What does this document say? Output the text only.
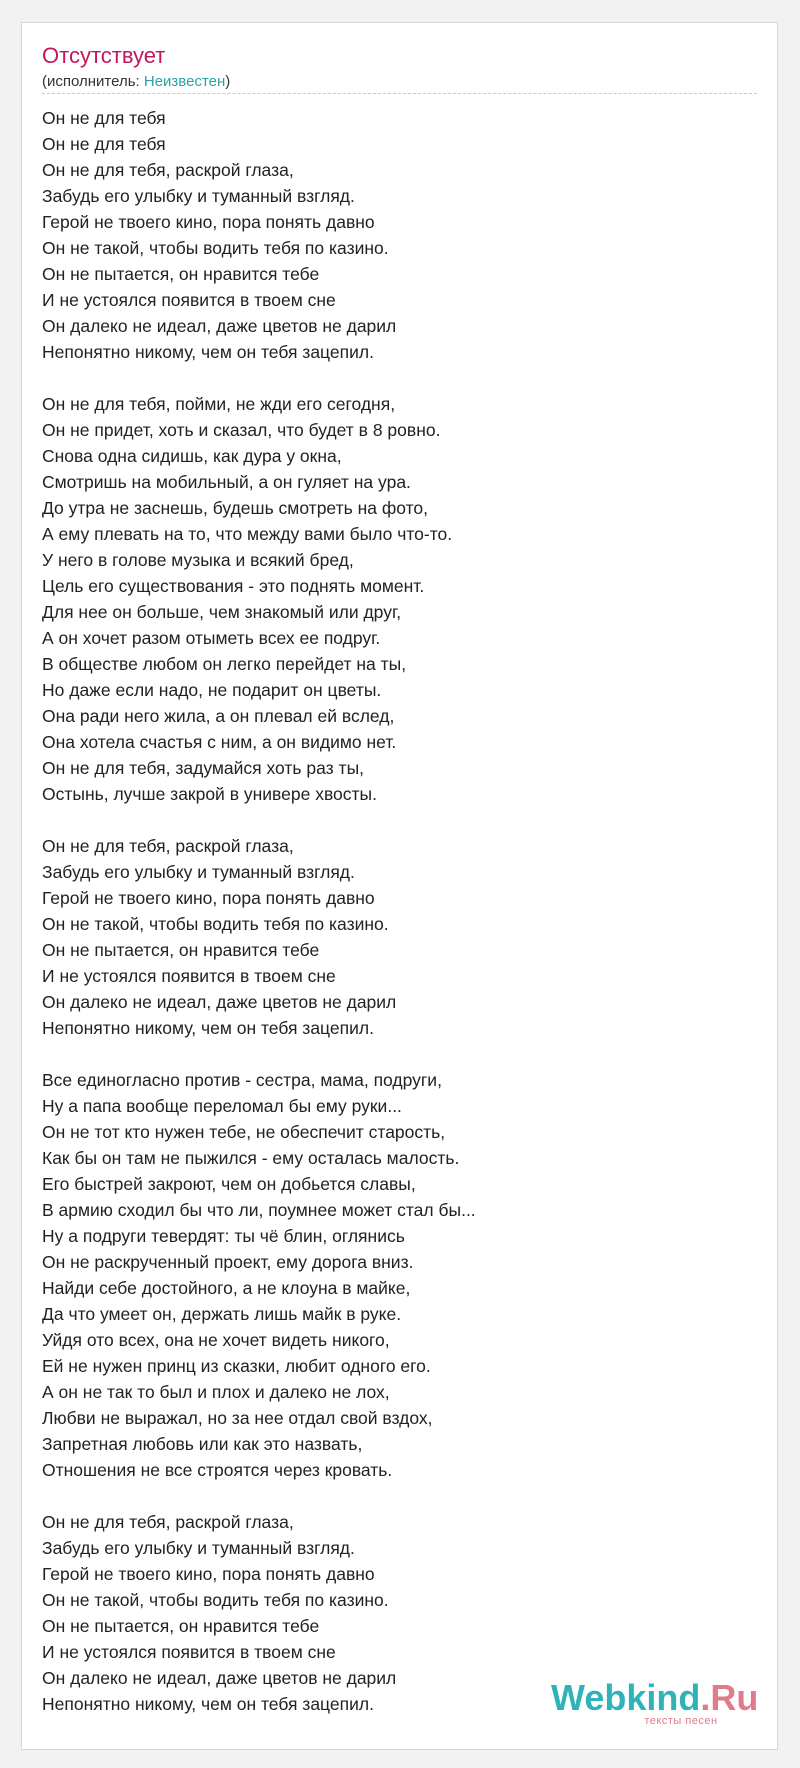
Отсутствует
(исполнитель: Неизвестен)
Он не для тебя
Он не для тебя
Он не для тебя, раскрой глаза,
Забудь его улыбку и туманный взгляд.
Герой не твоего кино, пора понять давно
Он не такой, чтобы водить тебя по казино.
Он не пытается, он нравится тебе
И не устоялся появится в твоем сне
Он далеко не идеал, даже цветов не дарил
Непонятно никому, чем он тебя зацепил.
Он не для тебя, пойми, не жди его сегодня,
Он не придет, хоть и сказал, что будет в 8 ровно.
Снова одна сидишь, как дура у окна,
Смотришь на мобильный, а он гуляет на ура.
До утра не заснешь, будешь смотреть на фото,
А ему плевать на то, что между вами было что-то.
У него в голове музыка и всякий бред,
Цель его существования - это поднять момент.
Для нее он больше, чем знакомый или друг,
А он хочет разом отыметь всех ее подруг.
В обществе любом он легко перейдет на ты,
Но даже если надо, не подарит он цветы.
Она ради него жила, а он плевал ей вслед,
Она хотела счастья с ним, а он видимо нет.
Он не для тебя, задумайся хоть раз ты,
Остынь, лучше закрой в универе хвосты.
Он не для тебя, раскрой глаза,
Забудь его улыбку и туманный взгляд.
Герой не твоего кино, пора понять давно
Он не такой, чтобы водить тебя по казино.
Он не пытается, он нравится тебе
И не устоялся появится в твоем сне
Он далеко не идеал, даже цветов не дарил
Непонятно никому, чем он тебя зацепил.
Все единогласно против - сестра, мама, подруги,
Ну а папа вообще переломал бы ему руки...
Он не тот кто нужен тебе, не обеспечит старость,
Как бы он там не пыжился - ему осталась малость.
Его быстрей закроют, чем он добьется славы,
В армию сходил бы что ли, поумнее может стал бы...
Ну а подруги тевердят: ты чё блин, оглянись
Он не раскрученный проект, ему дорога вниз.
Найди себе достойного, а не клоуна в майке,
Да что умеет он, держать лишь майк в руке.
Уйдя ото всех, она не хочет видеть никого,
Ей не нужен принц из сказки, любит одного его.
А он не так то был и плох и далеко не лох,
Любви не выражал, но за нее отдал свой вздох,
Запретная любовь или как это назвать,
Отношения не все строятся через кровать.
Он не для тебя, раскрой глаза,
Забудь его улыбку и туманный взгляд.
Герой не твоего кино, пора понять давно
Он не такой, чтобы водить тебя по казино.
Он не пытается, он нравится тебе
И не устоялся появится в твоем сне
Он далеко не идеал, даже цветов не дарил
Непонятно никому, чем он тебя зацепил.	Webkind.Ru
тексты песен
